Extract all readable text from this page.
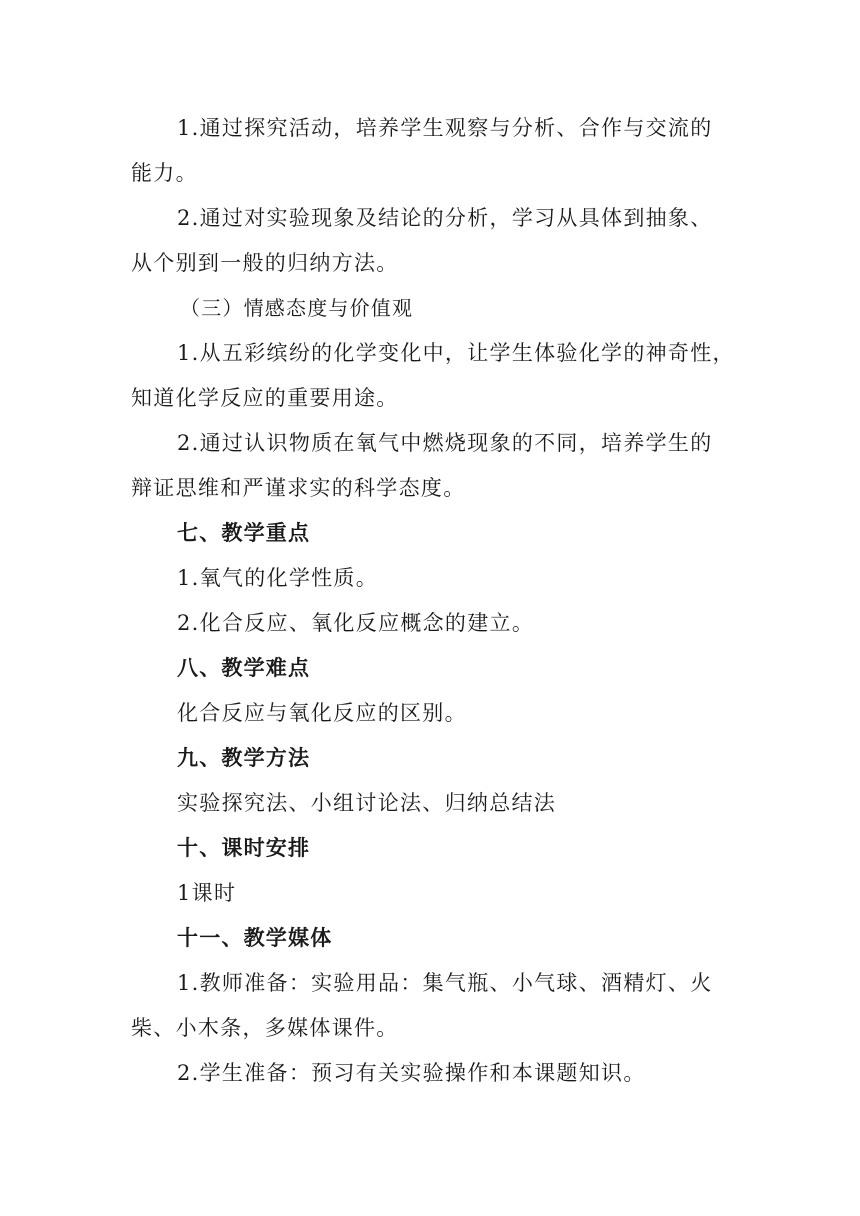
1.通过探究活动，培养学生观察与分析、合作与交流的
能力。
2.通过对实验现象及结论的分析，学习从具体到抽象、
从个别到一般的归纳方法。
（三）情感态度与价值观
1.从五彩缤纷的化学变化中，让学生体验化学的神奇性，
知道化学反应的重要用途。
2.通过认识物质在氧气中燃烧现象的不同，培养学生的
辩证思维和严谨求实的科学态度。
七、教学重点
1.氧气的化学性质。
2.化合反应、氧化反应概念的建立。
八、教学难点
化合反应与氧化反应的区别。
九、教学方法
实验探究法、小组讨论法、归纳总结法
十、课时安排
1课时
十一、教学媒体
1.教师准备：实验用品：集气瓶、小气球、酒精灯、火
柴、小木条，多媒体课件。
2.学生准备：预习有关实验操作和本课题知识。
